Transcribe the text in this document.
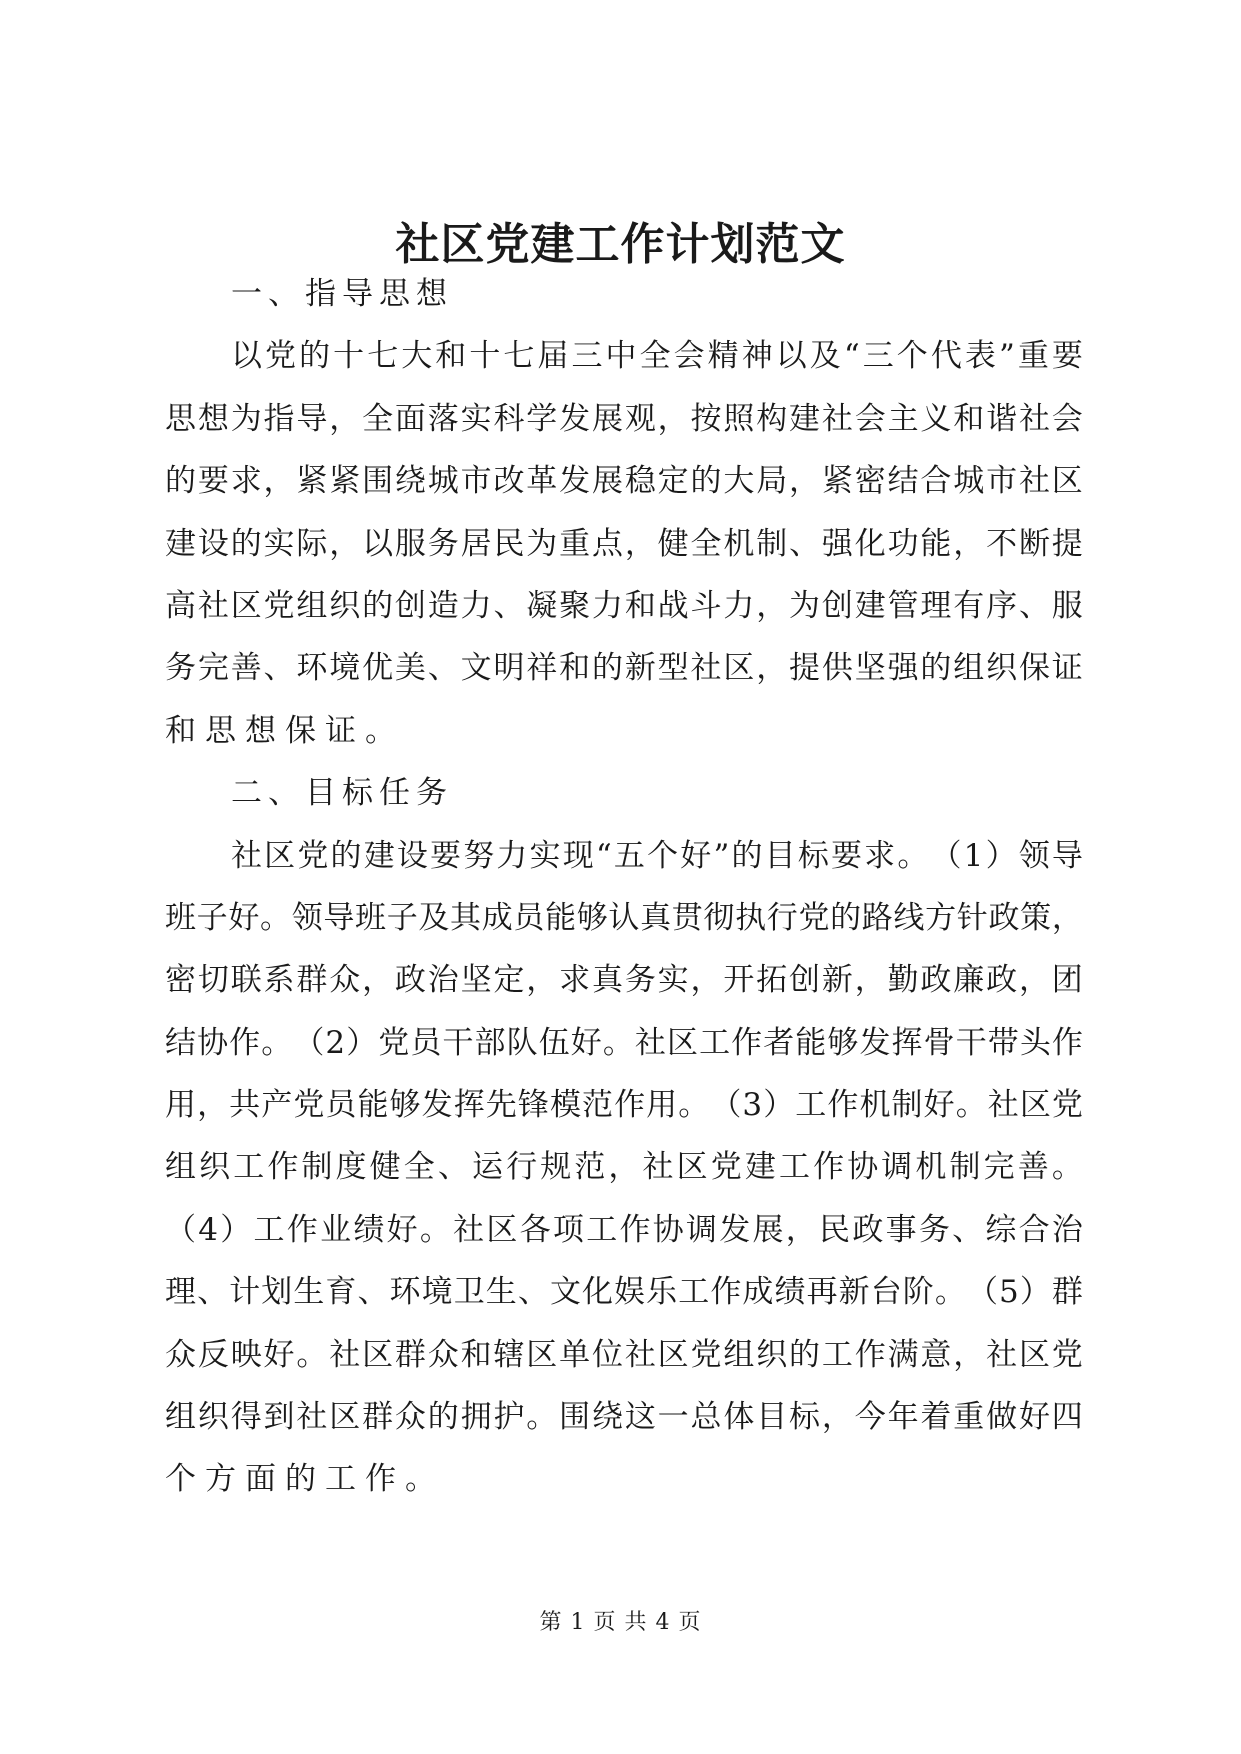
社区党建工作计划范文
一、指导思想
以 党 的 十 七 大 和 十 七 届 三 中 全 会 精 神 以 及 “ 三 个 代 表 ” 重 要
思 想 为 指 导 ， 全 面 落 实 科 学 发 展 观 ， 按 照 构 建 社 会 主 义 和 谐 社 会
的 要 求 ， 紧 紧 围 绕 城 市 改 革 发 展 稳 定 的 大 局 ， 紧 密 结 合 城 市 社 区
建 设 的 实 际 ， 以 服 务 居 民 为 重 点 ， 健 全 机 制 、 强 化 功 能 ， 不 断 提
高 社 区 党 组 织 的 创 造 力 、 凝 聚 力 和 战 斗 力 ， 为 创 建 管 理 有 序 、 服
务 完 善 、 环 境 优 美 、 文 明 祥 和 的 新 型 社 区 ， 提 供 坚 强 的 组 织 保 证
和思想保证。
二、目标任务
社 区 党 的 建 设 要 努 力 实 现 “ 五 个 好 ” 的 目 标 要 求 。 （ 1 ） 领 导
班 子 好 。 领 导 班 子 及 其 成 员 能 够 认 真 贯 彻 执 行 党 的 路 线 方 针 政 策 ，
密 切 联 系 群 众 ， 政 治 坚 定 ， 求 真 务 实 ， 开 拓 创 新 ， 勤 政 廉 政 ， 团
结 协 作 。 （ 2 ） 党 员 干 部 队 伍 好 。 社 区 工 作 者 能 够 发 挥 骨 干 带 头 作
用 ， 共 产 党 员 能 够 发 挥 先 锋 模 范 作 用 。 （ 3 ） 工 作 机 制 好 。 社 区 党
组 织 工 作 制 度 健 全 、 运 行 规 范 ， 社 区 党 建 工 作 协 调 机 制 完 善 。
（ 4 ） 工 作 业 绩 好 。 社 区 各 项 工 作 协 调 发 展 ， 民 政 事 务 、 综 合 治
理 、 计 划 生 育 、 环 境 卫 生 、 文 化 娱 乐 工 作 成 绩 再 新 台 阶 。 （ 5 ） 群
众 反 映 好 。 社 区 群 众 和 辖 区 单 位 社 区 党 组 织 的 工 作 满 意 ， 社 区 党
组 织 得 到 社 区 群 众 的 拥 护 。 围 绕 这 一 总 体 目 标 ， 今 年 着 重 做 好 四
个方面的工作。
第 1 页 共 4 页
